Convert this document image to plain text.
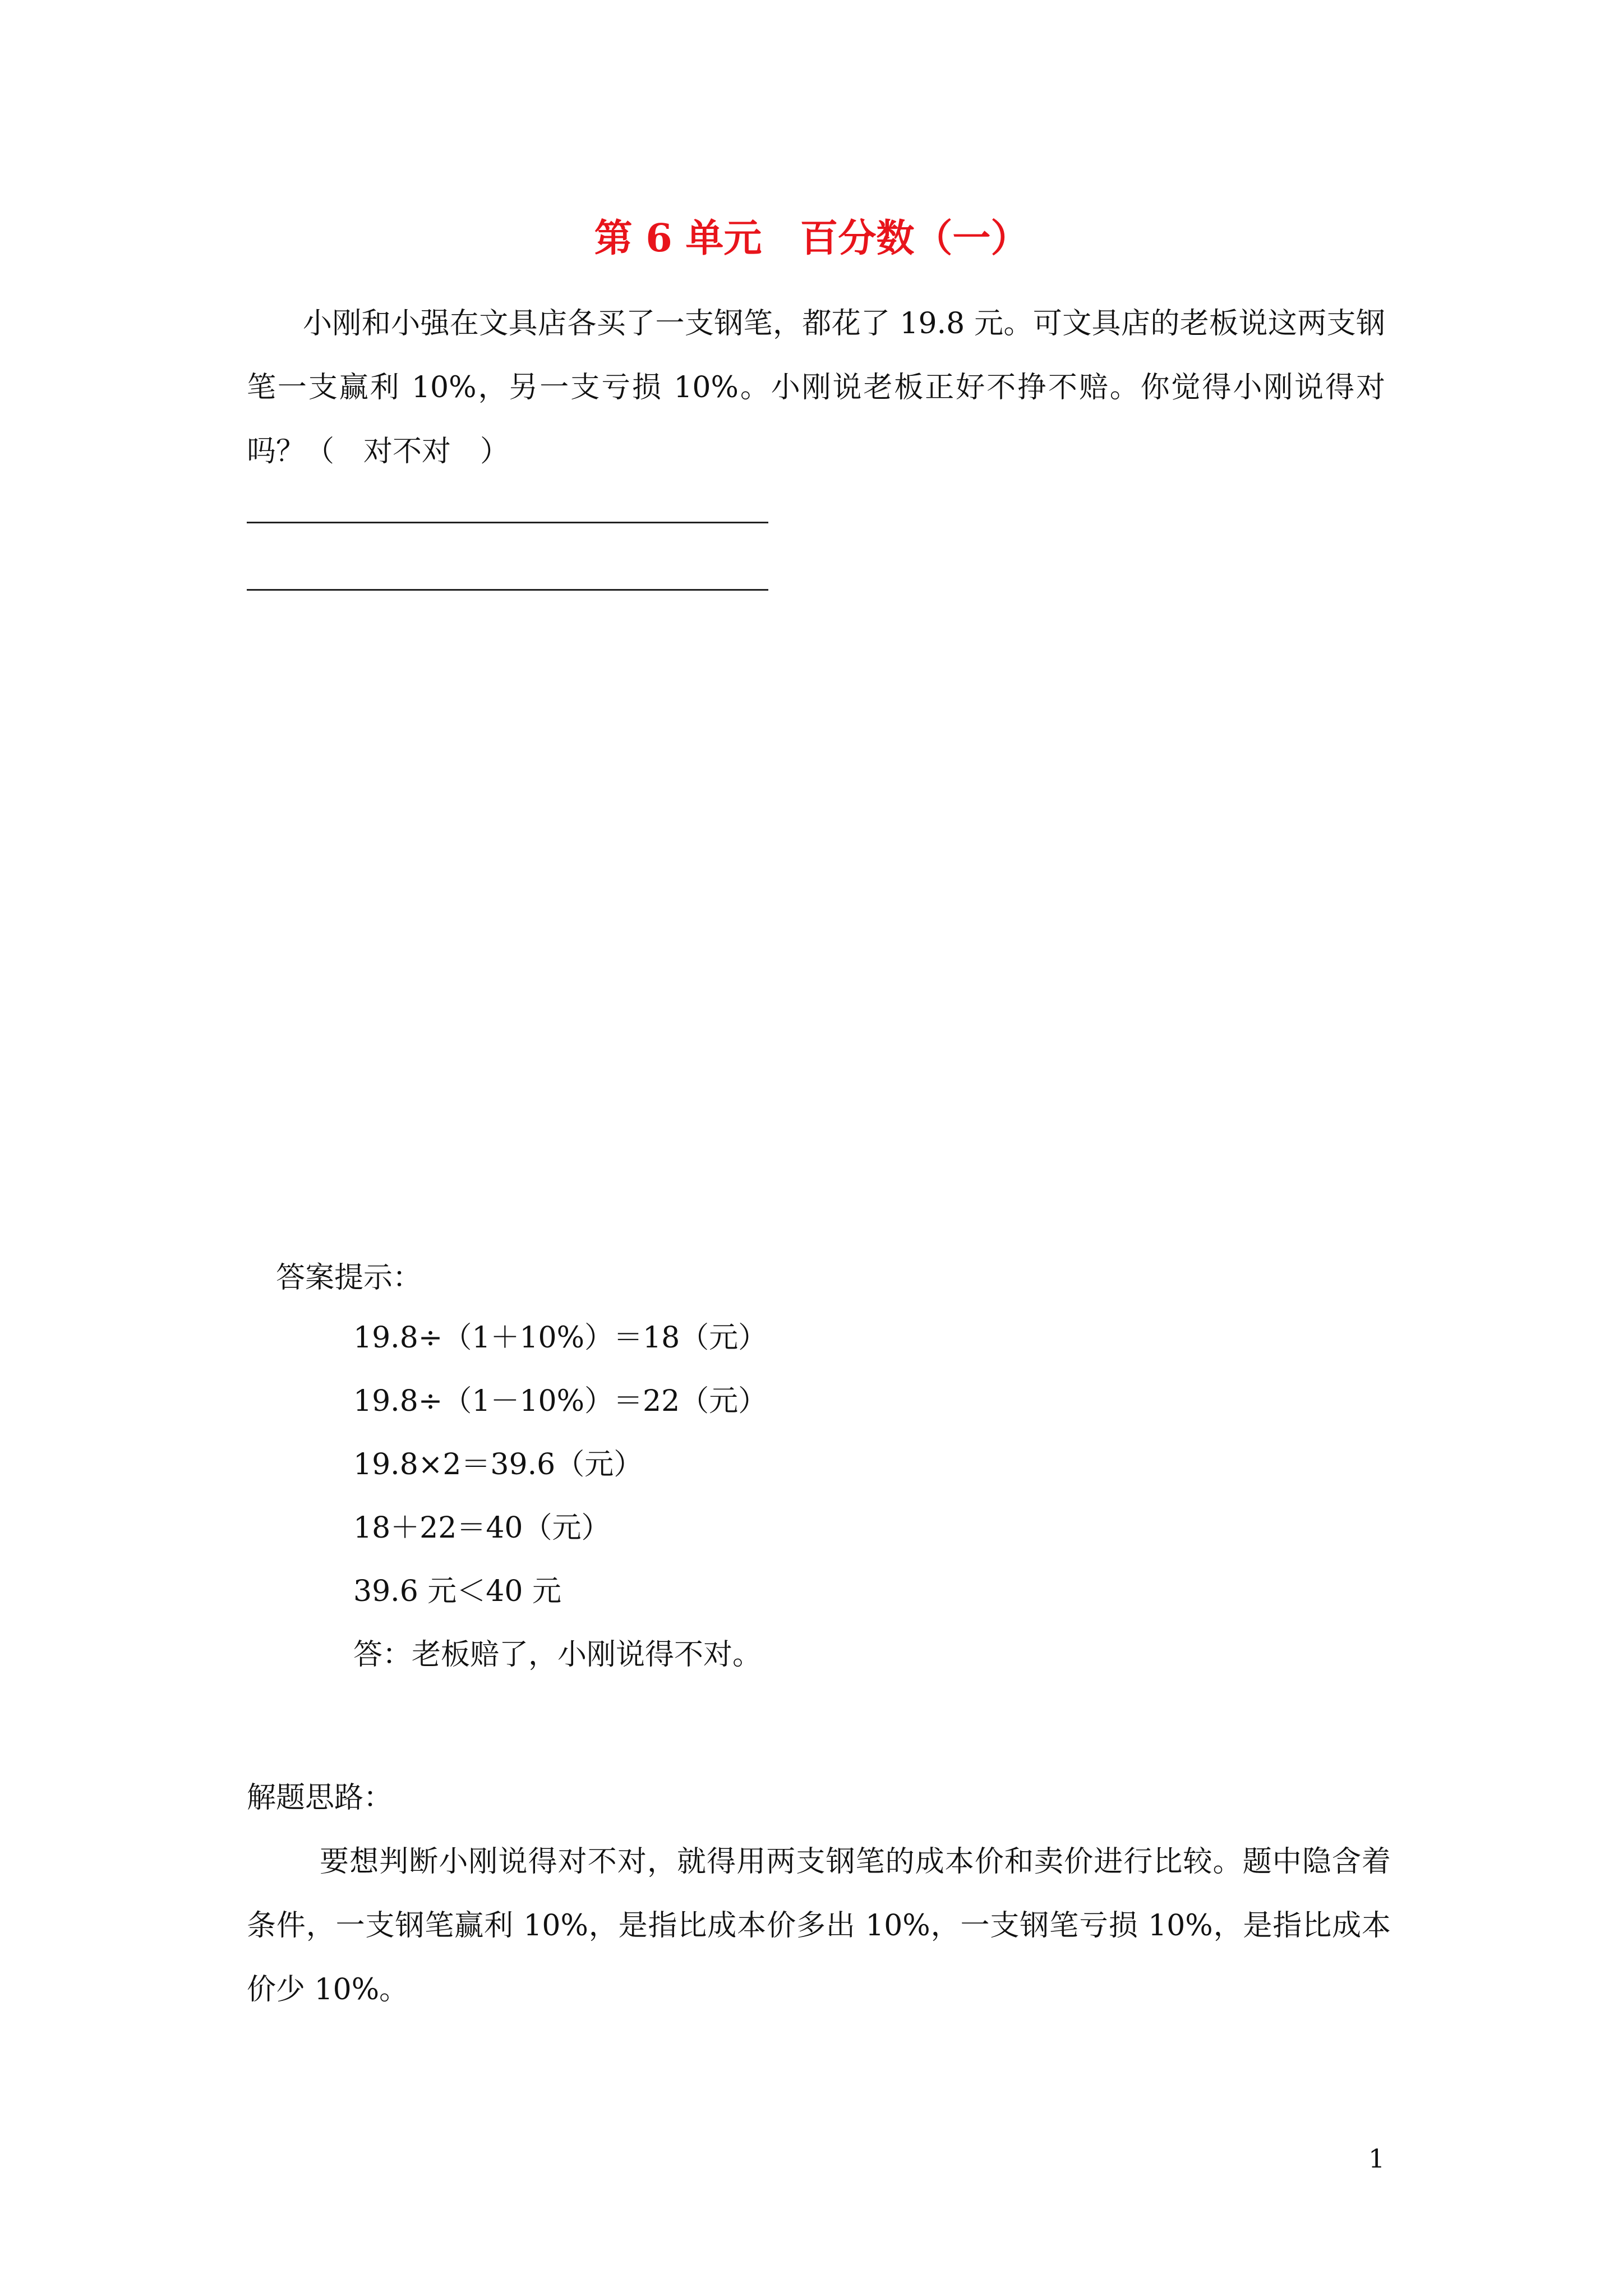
第 6 单元　百分数（一）
小刚和小强在文具店各买了一支钢笔，都花了 19.8 元。可文具店的老板说这两支钢笔一支赢利 10%，另一支亏损 10%。小刚说老板正好不挣不赔。你觉得小刚说得对吗？（　对不对　）
答案提示：
19.8÷（1＋10%）＝18（元）
19.8÷（1－10%）＝22（元）
19.8×2＝39.6（元）
18＋22＝40（元）
39.6 元＜40 元
答：老板赔了，小刚说得不对。
解题思路：
要想判断小刚说得对不对，就得用两支钢笔的成本价和卖价进行比较。题中隐含着条件，一支钢笔赢利 10%，是指比成本价多出 10%，一支钢笔亏损 10%，是指比成本价少 10%。
1
